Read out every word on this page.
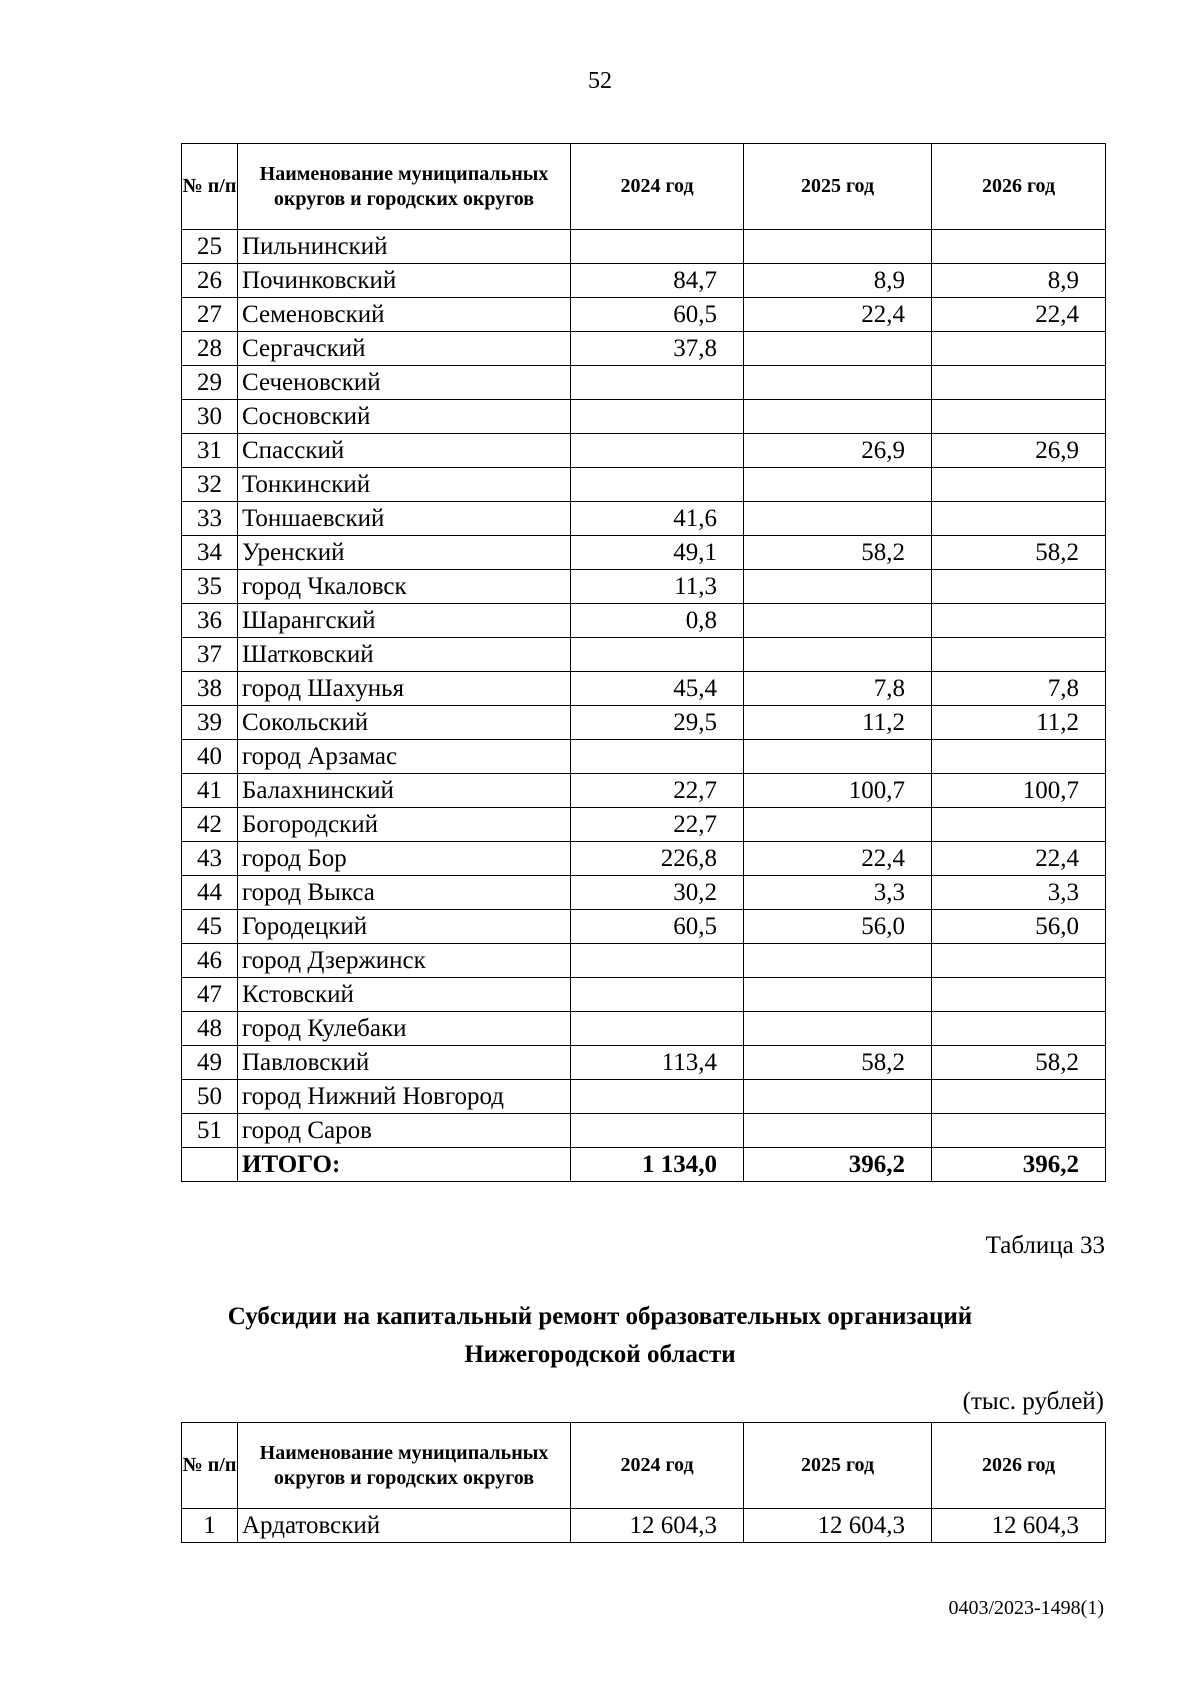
52
№ п/п	Наименование муниципальных округов и городских округов	2024 год	2025 год	2026 год
25	Пильнинский			
26	Починковский	84,7	8,9	8,9
27	Семеновский	60,5	22,4	22,4
28	Сергачский	37,8		
29	Сеченовский			
30	Сосновский			
31	Спасский		26,9	26,9
32	Тонкинский			
33	Тоншаевский	41,6		
34	Уренский	49,1	58,2	58,2
35	город Чкаловск	11,3		
36	Шарангский	0,8		
37	Шатковский			
38	город Шахунья	45,4	7,8	7,8
39	Сокольский	29,5	11,2	11,2
40	город Арзамас			
41	Балахнинский	22,7	100,7	100,7
42	Богородский	22,7		
43	город Бор	226,8	22,4	22,4
44	город Выкса	30,2	3,3	3,3
45	Городецкий	60,5	56,0	56,0
46	город Дзержинск			
47	Кстовский			
48	город Кулебаки			
49	Павловский	113,4	58,2	58,2
50	город Нижний Новгород			
51	город Саров			
	ИТОГО:	1 134,0	396,2	396,2
Таблица 33
Субсидии на капитальный ремонт образовательных организаций
Нижегородской области
(тыс. рублей)
№ п/п	Наименование муниципальных округов и городских округов	2024 год	2025 год	2026 год
1	Ардатовский	12 604,3	12 604,3	12 604,3
0403/2023-1498(1)
